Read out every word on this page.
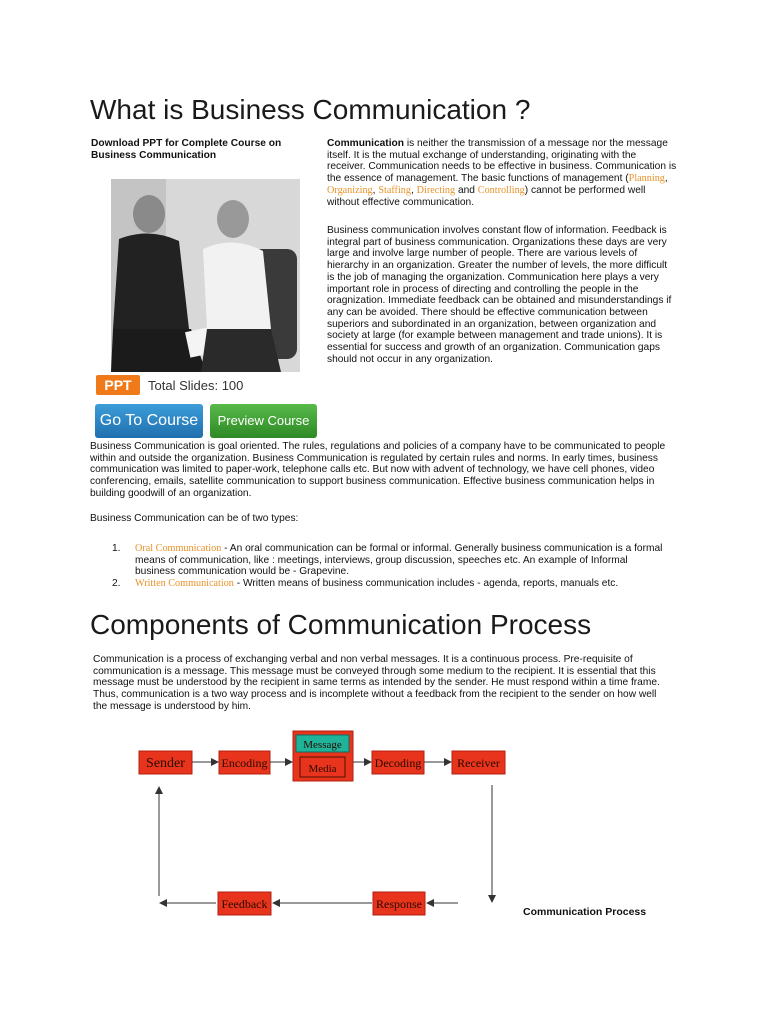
What is Business Communication ?
Download PPT for Complete Course on Business Communication
PPT	Total Slides: 100
Go To Course	Preview Course
Communication is neither the transmission of a message nor the message itself. It is the mutual exchange of understanding, originating with the receiver. Communication needs to be effective in business. Communication is the essence of management. The basic functions of management (Planning, Organizing, Staffing, Directing and Controlling) cannot be performed well without effective communication.
Business communication involves constant flow of information. Feedback is integral part of business communication. Organizations these days are very large and involve large number of people. There are various levels of hierarchy in an organization. Greater the number of levels, the more difficult is the job of managing the organization. Communication here plays a very important role in process of directing and controlling the people in the oragnization. Immediate feedback can be obtained and misunderstandings if any can be avoided. There should be effective communication between superiors and subordinated in an organization, between organization and society at large (for example between management and trade unions). It is essential for success and growth of an organization. Communication gaps should not occur in any organization.
Business Communication is goal oriented. The rules, regulations and policies of a company have to be communicated to people within and outside the organization. Business Communication is regulated by certain rules and norms. In early times, business communication was limited to paper-work, telephone calls etc. But now with advent of technology, we have cell phones, video conferencing, emails, satellite communication to support business communication. Effective business communication helps in building goodwill of an organization.
Business Communication can be of two types:
1. Oral Communication - An oral communication can be formal or informal. Generally business communication is a formal means of communication, like : meetings, interviews, group discussion, speeches etc. An example of Informal business communication would be - Grapevine.
2. Written Communication - Written means of business communication includes - agenda, reports, manuals etc.
Components of Communication Process
Communication is a process of exchanging verbal and non verbal messages. It is a continuous process. Pre-requisite of communication is a message. This message must be conveyed through some medium to the recipient. It is essential that this message must be understood by the recipient in same terms as intended by the sender. He must respond within a time frame. Thus, communication is a two way process and is incomplete without a feedback from the recipient to the sender on how well the message is understood by him.
Sender	Encoding
Message
Media	Decoding	Receiver
Response
Feedback
Communication Process
